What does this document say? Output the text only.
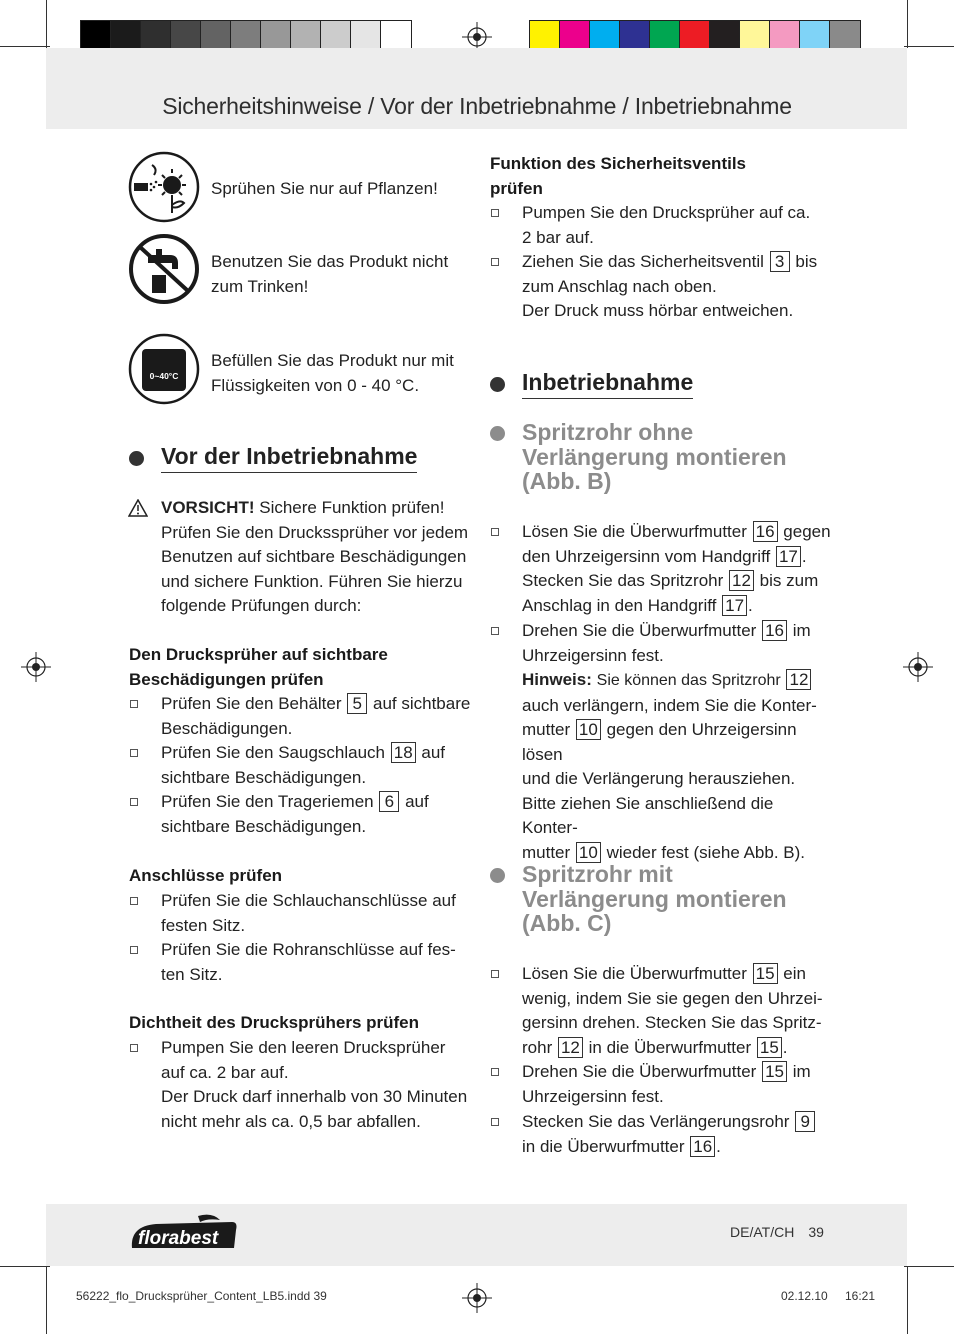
Sicherheitshinweise / Vor der Inbetriebnahme / Inbetriebnahme
Sprühen Sie nur auf Pflanzen!
Benutzen Sie das Produkt nicht zum Trinken!
0~40°C
Befüllen Sie das Produkt nur mit Flüssigkeiten von 0 - 40 °C.
Vor der Inbetriebnahme
VORSICHT! Sichere Funktion prüfen!
Prüfen Sie den Druckssprüher vor jedem
Benutzen auf sichtbare Beschädigungen
und sichere Funktion. Führen Sie hierzu
folgende Prüfungen durch:
Den Drucksprüher auf sichtbare
Beschädigungen prüfen
Prüfen Sie den Behälter 5 auf sichtbare
Beschädigungen.
Prüfen Sie den Saugschlauch 18 auf
sichtbare Beschädigungen.
Prüfen Sie den Trageriemen 6 auf
sichtbare Beschädigungen.
Anschlüsse prüfen
Prüfen Sie die Schlauchanschlüsse auf
festen Sitz.
Prüfen Sie die Rohranschlüsse auf fes-
ten Sitz.
Dichtheit des Drucksprühers prüfen
Pumpen Sie den leeren Drucksprüher
auf ca. 2 bar auf.
Der Druck darf innerhalb von 30 Minuten
nicht mehr als ca. 0,5 bar abfallen.
Funktion des Sicherheitsventils
prüfen
Pumpen Sie den Drucksprüher auf ca.
2 bar auf.
Ziehen Sie das Sicherheitsventil 3 bis
zum Anschlag nach oben.
Der Druck muss hörbar entweichen.
Inbetriebnahme
Spritzrohr ohne
Verlängerung montieren
(Abb. B)
Lösen Sie die Überwurfmutter 16 gegen
den Uhrzeigersinn vom Handgriff 17 .
Stecken Sie das Spritzrohr 12 bis zum
Anschlag in den Handgriff 17 .
Drehen Sie die Überwurfmutter 16 im
Uhrzeigersinn fest.
Hinweis: Sie können das Spritzrohr 12
auch verlängern, indem Sie die Konter-
mutter 10 gegen den Uhrzeigersinn lösen
und die Verlängerung herausziehen.
Bitte ziehen Sie anschließend die Konter-
mutter 10 wieder fest (siehe Abb. B).
Spritzrohr mit
Verlängerung montieren
(Abb. C)
Lösen Sie die Überwurfmutter 15 ein
wenig, indem Sie sie gegen den Uhrzei-
gersinn drehen. Stecken Sie das Spritz-
rohr 12 in die Überwurfmutter 15 .
Drehen Sie die Überwurfmutter 15 im
Uhrzeigersinn fest.
Stecken Sie das Verlängerungsrohr 9
in die Überwurfmutter 16 .
florabest	DE/AT/CH 39
56222_flo_Drucksprüher_Content_LB5.indd 39	02.12.10 16:21
